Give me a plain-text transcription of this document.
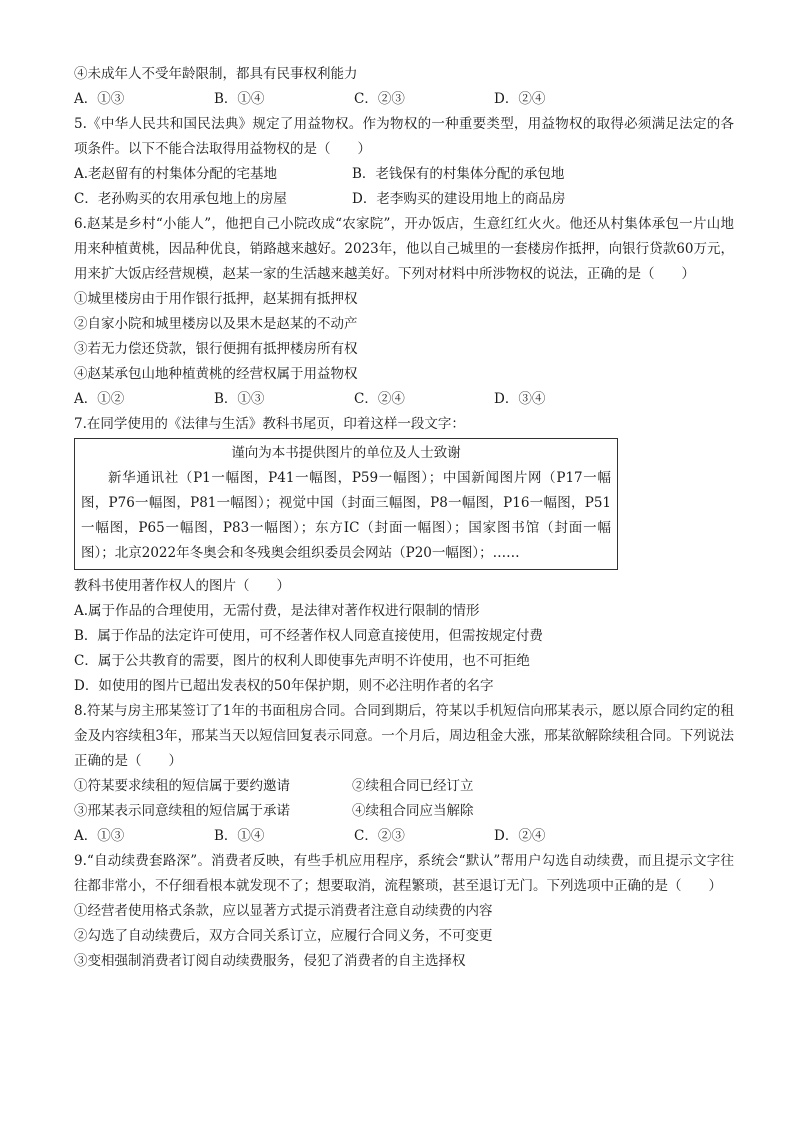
④未成年人不受年龄限制，都具有民事权利能力
A．①③	B．①④	C．②③	D．②④
5.《中华人民共和国民法典》规定了用益物权。作为物权的一种重要类型，用益物权的取得必须满足法定的各项条件。以下不能合法取得用益物权的是（　　）
A.老赵留有的村集体分配的宅基地	B．老钱保有的村集体分配的承包地
C．老孙购买的农用承包地上的房屋	D．老李购买的建设用地上的商品房
6.赵某是乡村“小能人”，他把自己小院改成“农家院”，开办饭店，生意红红火火。他还从村集体承包一片山地用来种植黄桃，因品种优良，销路越来越好。2023年，他以自己城里的一套楼房作抵押，向银行贷款60万元，用来扩大饭店经营规模，赵某一家的生活越来越美好。下列对材料中所涉物权的说法，正确的是（　　）
①城里楼房由于用作银行抵押，赵某拥有抵押权
②自家小院和城里楼房以及果木是赵某的不动产
③若无力偿还贷款，银行便拥有抵押楼房所有权
④赵某承包山地种植黄桃的经营权属于用益物权
A．①②	B．①③	C．②④	D．③④
7.在同学使用的《法律与生活》教科书尾页，印着这样一段文字：
谨向为本书提供图片的单位及人士致谢
新华通讯社（P1一幅图，P41一幅图，P59一幅图）；中国新闻图片网（P17一幅图，P76一幅图，P81一幅图）；视觉中国（封面三幅图，P8一幅图，P16一幅图，P51一幅图，P65一幅图，P83一幅图）；东方IC（封面一幅图）；国家图书馆（封面一幅图）；北京2022年冬奥会和冬残奥会组织委员会网站（P20一幅图）；……
教科书使用著作权人的图片（　　）
A.属于作品的合理使用，无需付费，是法律对著作权进行限制的情形
B．属于作品的法定许可使用，可不经著作权人同意直接使用，但需按规定付费
C．属于公共教育的需要，图片的权利人即使事先声明不许使用，也不可拒绝
D．如使用的图片已超出发表权的50年保护期，则不必注明作者的名字
8.符某与房主邢某签订了1年的书面租房合同。合同到期后，符某以手机短信向邢某表示，愿以原合同约定的租金及内容续租3年，邢某当天以短信回复表示同意。一个月后，周边租金大涨，邢某欲解除续租合同。下列说法正确的是（　　）
①符某要求续租的短信属于要约邀请	②续租合同已经订立
③邢某表示同意续租的短信属于承诺	④续租合同应当解除
A．①③	B．①④	C．②③	D．②④
9.“自动续费套路深”。消费者反映，有些手机应用程序，系统会“默认”帮用户勾选自动续费，而且提示文字往往都非常小，不仔细看根本就发现不了；想要取消，流程繁琐，甚至退订无门。下列选项中正确的是（　　）
①经营者使用格式条款，应以显著方式提示消费者注意自动续费的内容
②勾选了自动续费后，双方合同关系订立，应履行合同义务，不可变更
③变相强制消费者订阅自动续费服务，侵犯了消费者的自主选择权
